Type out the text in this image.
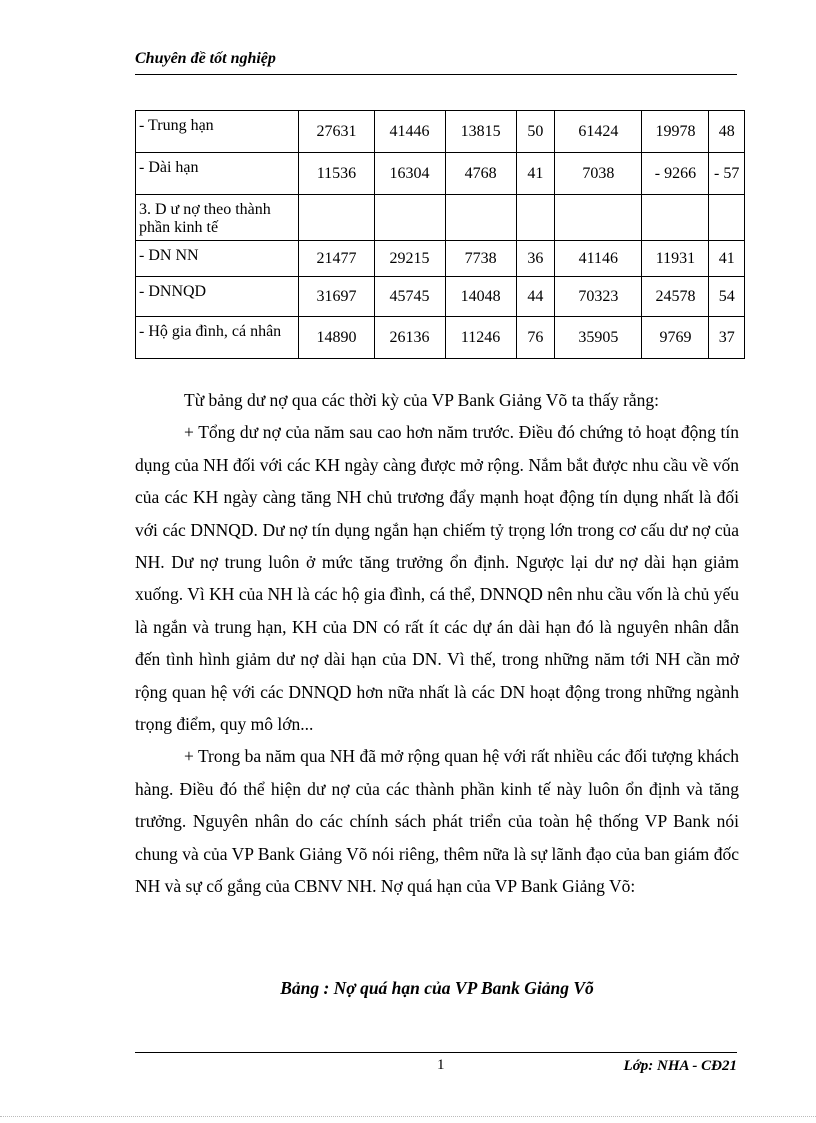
Chuyên đề tốt nghiệp
- Trung hạn	27631	41446	13815	50	61424	19978	48
- Dài hạn	11536	16304	4768	41	7038	- 9266	- 57
3. D ư nợ theo thành phần kinh tế							
- DN NN	21477	29215	7738	36	41146	11931	41
- DNNQD	31697	45745	14048	44	70323	24578	54
- Hộ gia đình, cá nhân	14890	26136	11246	76	35905	9769	37

Từ bảng dư nợ qua các thời kỳ của VP Bank Giảng Võ ta thấy rằng:

+ Tổng dư nợ của năm sau cao hơn năm trước. Điều đó chứng tỏ hoạt động tín dụng của NH đối với các KH ngày càng được mở rộng. Nắm bắt được nhu cầu về vốn của các KH ngày càng tăng NH chủ trương đẩy mạnh hoạt động tín dụng nhất là đối với các DNNQD. Dư nợ tín dụng ngắn hạn chiếm tỷ trọng lớn trong cơ cấu dư nợ của NH. Dư nợ trung luôn ở mức tăng trưởng ổn định. Ngược lại dư nợ dài hạn giảm xuống. Vì KH của NH là các hộ gia đình, cá thể, DNNQD nên nhu cầu vốn là chủ yếu là ngắn và trung hạn, KH của DN có rất ít các dự án dài hạn đó là nguyên nhân dẫn đến tình hình giảm dư nợ dài hạn của DN. Vì thế, trong những năm tới NH cần mở rộng quan hệ với các DNNQD hơn nữa nhất là các DN hoạt động trong những ngành trọng điểm, quy mô lớn...

+ Trong ba năm qua NH đã mở rộng quan hệ với rất nhiều các đối tượng khách hàng. Điều đó thể hiện dư nợ của các thành phần kinh tế này luôn ổn định và tăng trưởng. Nguyên nhân do các chính sách phát triển của toàn hệ thống VP Bank nói chung và của VP Bank Giảng Võ nói riêng, thêm nữa là sự lãnh đạo của ban giám đốc NH và sự cố gắng của CBNV NH. Nợ quá hạn của VP Bank Giảng Võ:

Bảng : Nợ quá hạn của VP Bank Giảng Võ
1	Lớp: NHA - CĐ21
